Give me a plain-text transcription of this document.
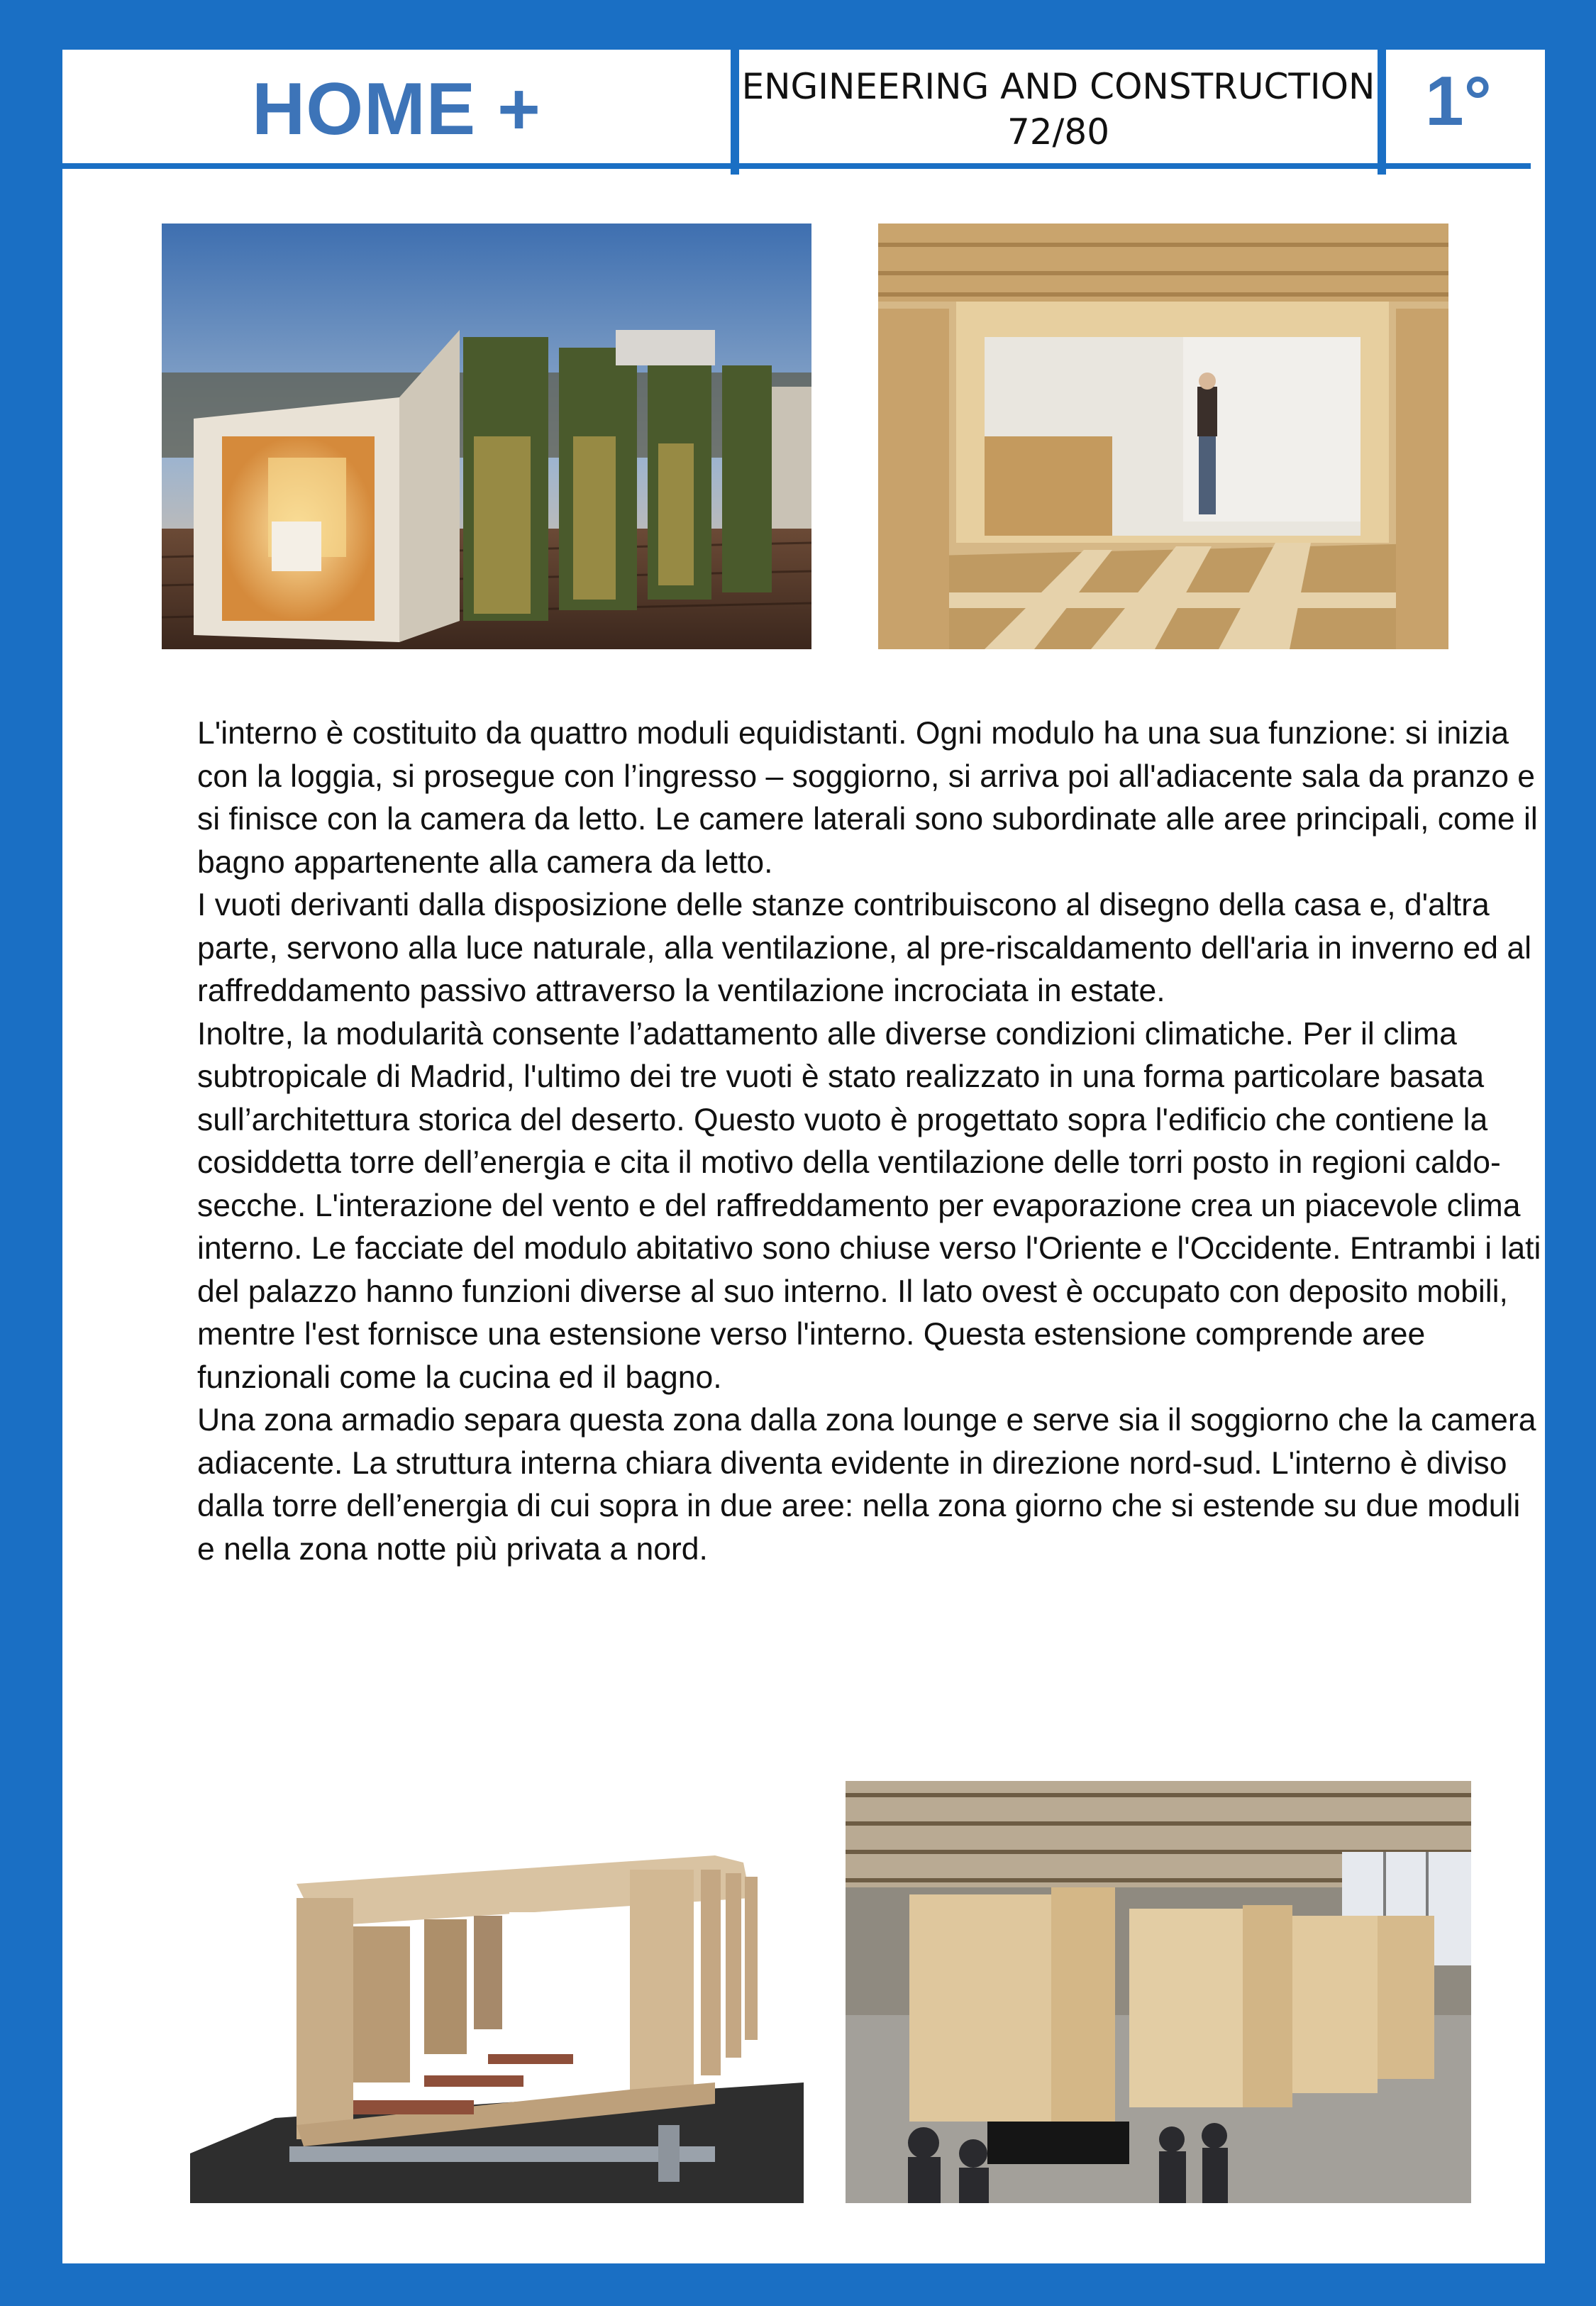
HOME +	ENGINEERING AND CONSTRUCTION
72/80	1°

L'interno è costituito da quattro moduli equidistanti. Ogni modulo ha una sua funzione: si inizia con la loggia, si prosegue con l’ingresso – soggiorno, si arriva poi all'adiacente sala da pranzo e si finisce con la camera da letto. Le camere laterali sono subordinate alle aree principali, come il bagno appartenente alla camera da letto.

I vuoti derivanti dalla disposizione delle stanze contribuiscono al disegno della casa e, d'altra parte, servono alla luce naturale, alla ventilazione, al pre-riscaldamento dell'aria in inverno ed al raffreddamento passivo attraverso la ventilazione incrociata in estate.

Inoltre, la modularità consente l’adattamento alle diverse condizioni climatiche. Per il clima subtropicale di Madrid, l'ultimo dei tre vuoti è stato realizzato in una forma particolare basata sull’architettura storica del deserto. Questo vuoto è progettato sopra l'edificio che contiene la cosiddetta torre dell’energia e cita il motivo della ventilazione delle torri posto in regioni caldo-secche. L'interazione del vento e del raffreddamento per evaporazione crea un piacevole clima interno. Le facciate del modulo abitativo sono chiuse verso l'Oriente e l'Occidente. Entrambi i lati del palazzo hanno funzioni diverse al suo interno. Il lato ovest è occupato con deposito mobili, mentre l'est fornisce una estensione verso l'interno. Questa estensione comprende aree funzionali come la cucina ed il bagno.

Una zona armadio separa questa zona dalla zona lounge e serve sia il soggiorno che la camera adiacente. La struttura interna chiara diventa evidente in direzione nord-sud. L'interno è diviso dalla torre dell’energia di cui sopra in due aree: nella zona giorno che si estende su due moduli e nella zona notte più privata a nord.
